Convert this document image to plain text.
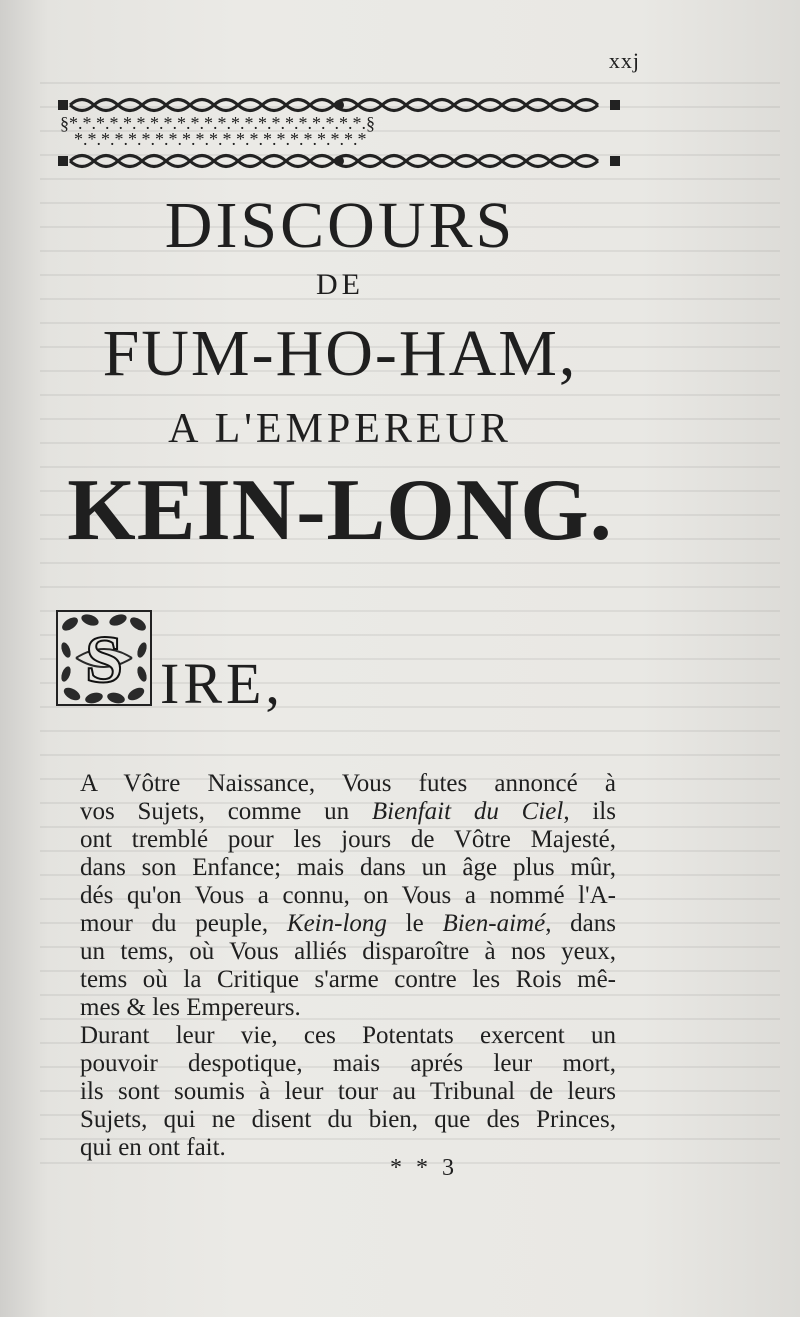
xxj
§*.*.*.*.*.*.*.*.*.*.*.*.*.*.*.*.*.*.*.*.*.*.§
*.*.*.*.*.*.*.*.*.*.*.*.*.*.*.*.*.*.*.*.*.*
DISCOURS
DE
FUM-HO-HAM,
A L'EMPEREUR
KEIN-LONG.
S IRE,
A Vôtre Naissance, Vous futes annoncé à
vos Sujets, comme un Bienfait du Ciel, ils
ont tremblé pour les jours de Vôtre Majesté,
dans son Enfance; mais dans un âge plus mûr,
dés qu'on Vous a connu, on Vous a nommé l'A-
mour du peuple, Kein-long le Bien-aimé, dans
un tems, où Vous alliés disparoître à nos yeux,
tems où la Critique s'arme contre les Rois mê-
mes & les Empereurs.
Durant leur vie, ces Potentats exercent un
pouvoir despotique, mais aprés leur mort,
ils sont soumis à leur tour au Tribunal de leurs
Sujets, qui ne disent du bien, que des Princes,
qui en ont fait.
* * 3
